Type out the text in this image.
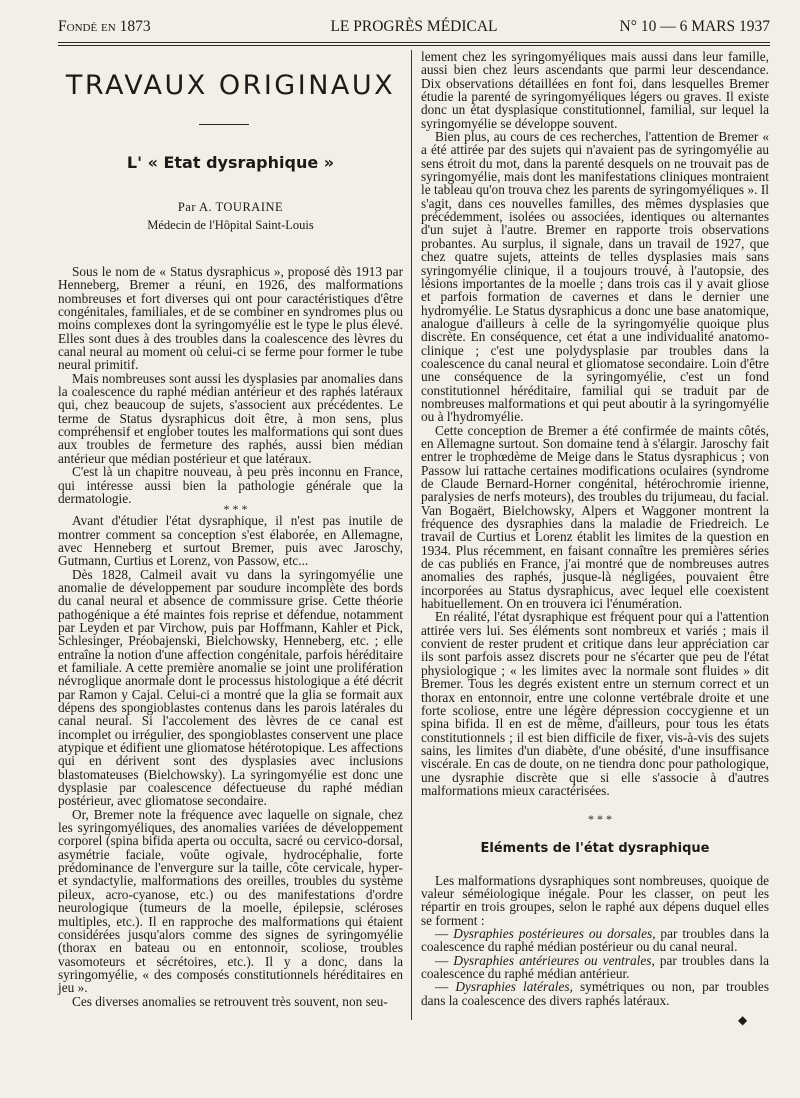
Fondé en 1873	LE PROGRÈS MÉDICAL	N° 10 — 6 MARS 1937
TRAVAUX ORIGINAUX
L' « Etat dysraphique »
Par A. TOURAINE
Médecin de l'Hôpital Saint-Louis

Sous le nom de « Status dysraphicus », proposé dès 1913 par Henneberg, Bremer a réuni, en 1926, des malformations nombreuses et fort diverses qui ont pour caractéristiques d'être congénitales, familiales, et de se combiner en syndromes plus ou moins complexes dont la syringomyélie est le type le plus élevé. Elles sont dues à des troubles dans la coalescence des lèvres du canal neural au moment où celui-ci se ferme pour former le tube neural primitif.

Mais nombreuses sont aussi les dysplasies par anomalies dans la coalescence du raphé médian antérieur et des raphés latéraux qui, chez beaucoup de sujets, s'associent aux précédentes. Le terme de Status dysraphicus doit être, à mon sens, plus compréhensif et englober toutes les malformations qui sont dues aux troubles de fermeture des raphés, aussi bien médian antérieur que médian postérieur et que latéraux.

C'est là un chapitre nouveau, à peu près inconnu en France, qui intéresse aussi bien la pathologie générale que la dermatologie.

* * *

Avant d'étudier l'état dysraphique, il n'est pas inutile de montrer comment sa conception s'est élaborée, en Allemagne, avec Henneberg et surtout Bremer, puis avec Jaroschy, Gutmann, Curtius et Lorenz, von Passow, etc...

Dès 1828, Calmeil avait vu dans la syringomyélie une anomalie de développement par soudure incomplète des bords du canal neural et absence de commissure grise. Cette théorie pathogénique a été maintes fois reprise et défendue, notamment par Leyden et par Virchow, puis par Hoffmann, Kahler et Pick, Schlesinger, Préobajenski, Bielchowsky, Henneberg, etc. ; elle entraîne la notion d'une affection congénitale, parfois héréditaire et familiale. A cette première anomalie se joint une prolifération névroglique anormale dont le processus histologique a été décrit par Ramon y Cajal. Celui-ci a montré que la glia se formait aux dépens des spongioblastes contenus dans les parois latérales du canal neural. Si l'accolement des lèvres de ce canal est incomplet ou irrégulier, des spongioblastes conservent une place atypique et édifient une gliomatose hétérotopique. Les affections qui en dérivent sont des dysplasies avec inclusions blastomateuses (Bielchowsky). La syringomyélie est donc une dysplasie par coalescence défectueuse du raphé médian postérieur, avec gliomatose secondaire.

Or, Bremer note la fréquence avec laquelle on signale, chez les syringomyéliques, des anomalies variées de développement corporel (spina bifida aperta ou occulta, sacré ou cervico-dorsal, asymétrie faciale, voûte ogivale, hydrocéphalie, forte prédominance de l'envergure sur la taille, côte cervicale, hyper- et syndactylie, malformations des oreilles, troubles du système pileux, acro-cyanose, etc.) ou des manifestations d'ordre neurologique (tumeurs de la moelle, épilepsie, scléroses multiples, etc.). Il en rapproche des malformations qui étaient considérées jusqu'alors comme des signes de syringomyélie (thorax en bateau ou en entonnoir, scoliose, troubles vasomoteurs et sécrétoires, etc.). Il y a donc, dans la syringomyélie, « des composés constitutionnels héréditaires en jeu ».

Ces diverses anomalies se retrouvent très souvent, non seu-

lement chez les syringomyéliques mais aussi dans leur famille, aussi bien chez leurs ascendants que parmi leur descendance. Dix observations détaillées en font foi, dans lesquelles Bremer étudie la parenté de syringomyéliques légers ou graves. Il existe donc un état dysplasique constitutionnel, familial, sur lequel la syringomyélie se développe souvent.

Bien plus, au cours de ces recherches, l'attention de Bremer « a été attirée par des sujets qui n'avaient pas de syringomyélie au sens étroit du mot, dans la parenté desquels on ne trouvait pas de syringomyélie, mais dont les manifestations cliniques montraient le tableau qu'on trouva chez les parents de syringomyéliques ». Il s'agit, dans ces nouvelles familles, des mêmes dysplasies que précédemment, isolées ou associées, identiques ou alternantes d'un sujet à l'autre. Bremer en rapporte trois observations probantes. Au surplus, il signale, dans un travail de 1927, que chez quatre sujets, atteints de telles dysplasies mais sans syringomyélie clinique, il a toujours trouvé, à l'autopsie, des lésions importantes de la moelle ; dans trois cas il y avait gliose et parfois formation de cavernes et dans le dernier une hydromyélie. Le Status dysraphicus a donc une base anatomique, analogue d'ailleurs à celle de la syringomyélie quoique plus discrète. En conséquence, cet état a une individualité anatomo-clinique ; c'est une polydysplasie par troubles dans la coalescence du canal neural et gliomatose secondaire. Loin d'être une conséquence de la syringomyélie, c'est un fond constitutionnel héréditaire, familial qui se traduit par de nombreuses malformations et qui peut aboutir à la syringomyélie ou à l'hydromyélie.

Cette conception de Bremer a été confirmée de maints côtés, en Allemagne surtout. Son domaine tend à s'élargir. Jaroschy fait entrer le trophœdème de Meige dans le Status dysraphicus ; von Passow lui rattache certaines modifications oculaires (syndrome de Claude Bernard-Horner congénital, hétérochromie irienne, paralysies de nerfs moteurs), des troubles du trijumeau, du facial. Van Bogaërt, Bielchowsky, Alpers et Waggoner montrent la fréquence des dysraphies dans la maladie de Friedreich. Le travail de Curtius et Lorenz établit les limites de la question en 1934. Plus récemment, en faisant connaître les premières séries de cas publiés en France, j'ai montré que de nombreuses autres anomalies des raphés, jusque-là négligées, pouvaient être incorporées au Status dysraphicus, avec lequel elle coexistent habituellement. On en trouvera ici l'énumération.

En réalité, l'état dysraphique est fréquent pour qui a l'attention attirée vers lui. Ses éléments sont nombreux et variés ; mais il convient de rester prudent et critique dans leur appréciation car ils sont parfois assez discrets pour ne s'écarter que peu de l'état physiologique ; « les limites avec la normale sont fluides » dit Bremer. Tous les degrés existent entre un sternum correct et un thorax en entonnoir, entre une colonne vertébrale droite et une forte scoliose, entre une légère dépression coccygienne et un spina bifida. Il en est de même, d'ailleurs, pour tous les états constitutionnels ; il est bien difficile de fixer, vis-à-vis des sujets sains, les limites d'un diabète, d'une obésité, d'une insuffisance viscérale. En cas de doute, on ne tiendra donc pour pathologique, une dysraphie discrète que si elle s'associe à d'autres malformations mieux caractérisées.

* * *
Eléments de l'état dysraphique

Les malformations dysraphiques sont nombreuses, quoique de valeur séméiologique inégale. Pour les classer, on peut les répartir en trois groupes, selon le raphé aux dépens duquel elles se forment :

— Dysraphies postérieures ou dorsales, par troubles dans la coalescence du raphé médian postérieur ou du canal neural.

— Dysraphies antérieures ou ventrales, par troubles dans la coalescence du raphé médian antérieur.

— Dysraphies latérales, symétriques ou non, par troubles dans la coalescence des divers raphés latéraux.

◆
